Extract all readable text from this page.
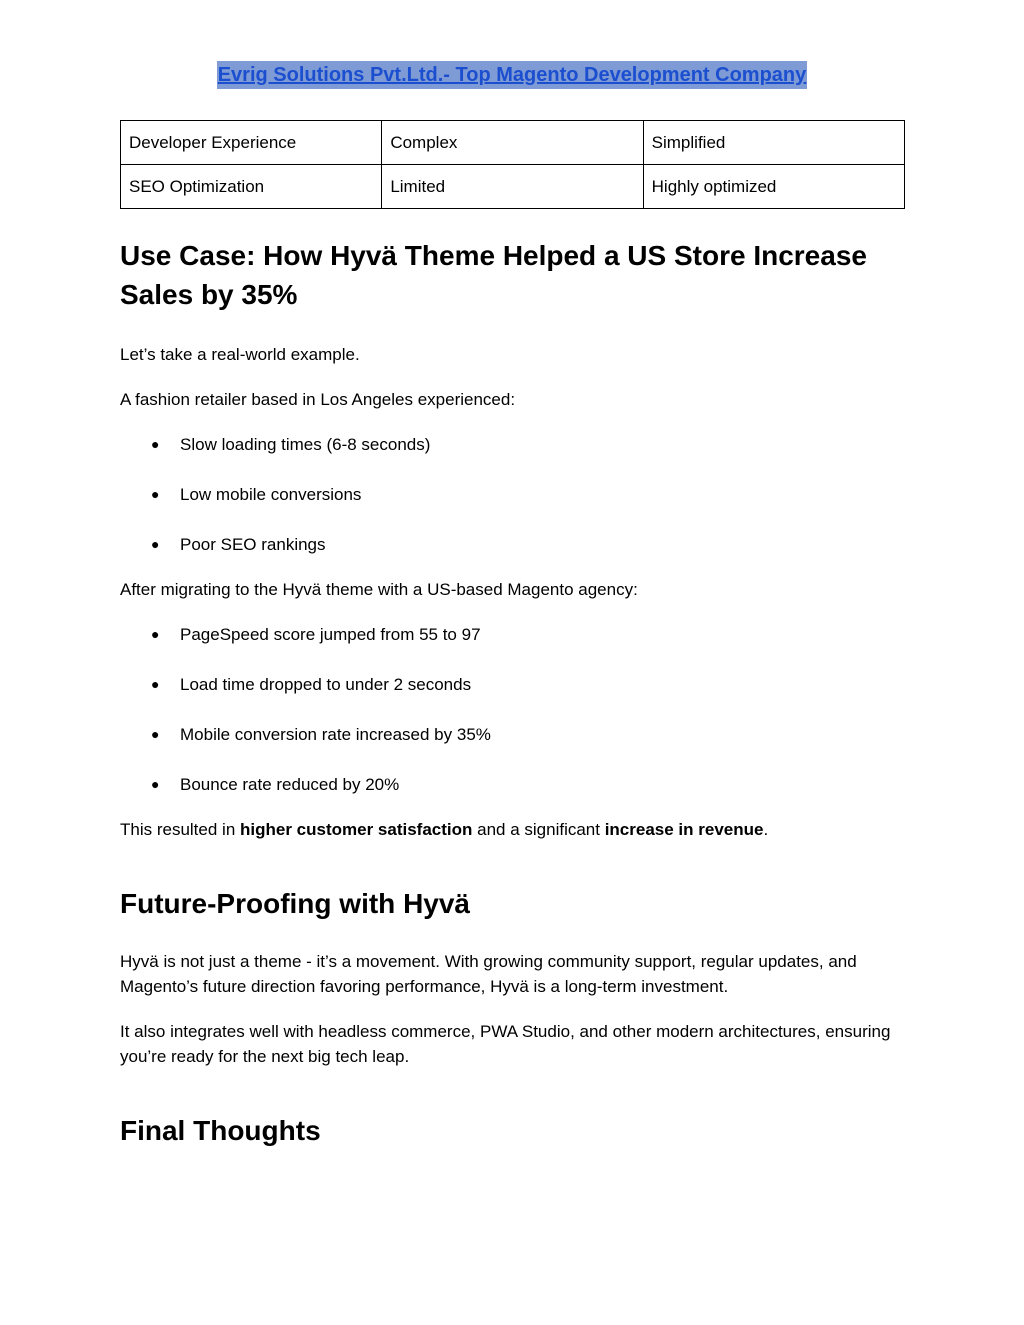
Evrig Solutions Pvt.Ltd.- Top Magento Development Company
Developer Experience	Complex	Simplified
SEO Optimization	Limited	Highly optimized
Use Case: How Hyvä Theme Helped a US Store Increase Sales by 35%

Let’s take a real-world example.

A fashion retailer based in Los Angeles experienced:

● Slow loading times (6-8 seconds)
● Low mobile conversions
● Poor SEO rankings

After migrating to the Hyvä theme with a US-based Magento agency:

● PageSpeed score jumped from 55 to 97
● Load time dropped to under 2 seconds
● Mobile conversion rate increased by 35%
● Bounce rate reduced by 20%

This resulted in higher customer satisfaction and a significant increase in revenue.

Future-Proofing with Hyvä

Hyvä is not just a theme - it’s a movement. With growing community support, regular updates, and Magento’s future direction favoring performance, Hyvä is a long-term investment.

It also integrates well with headless commerce, PWA Studio, and other modern architectures, ensuring you’re ready for the next big tech leap.

Final Thoughts
